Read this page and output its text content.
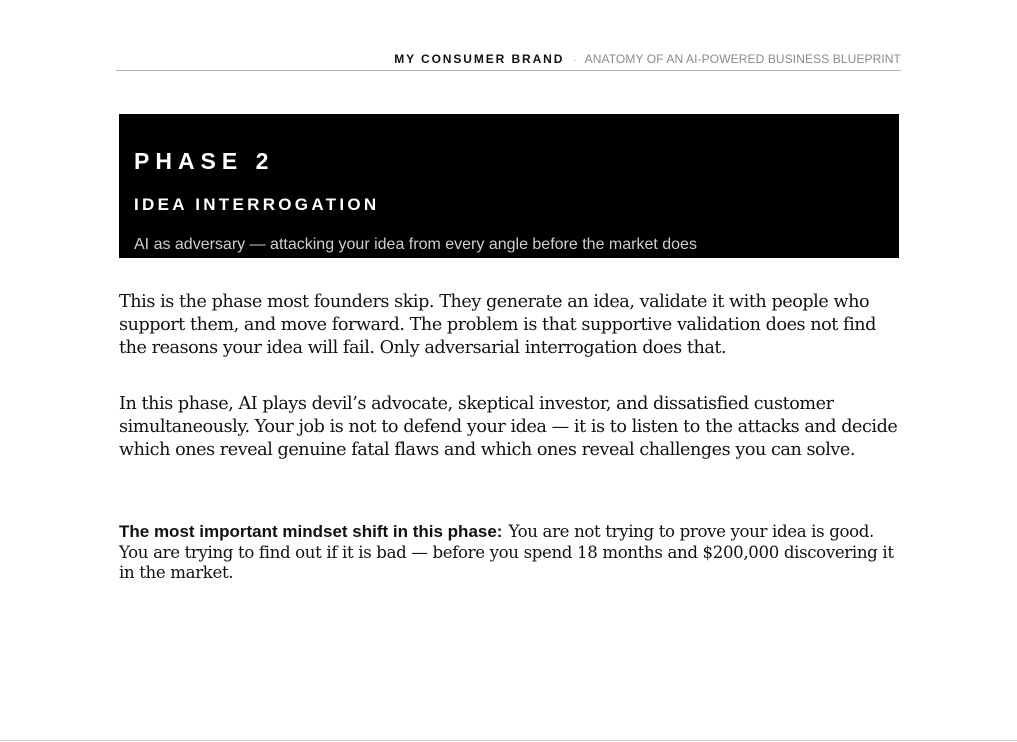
MY CONSUMER BRAND · ANATOMY OF AN AI-POWERED BUSINESS BLUEPRINT
PHASE 2
IDEA INTERROGATION
AI as adversary — attacking your idea from every angle before the market does

This is the phase most founders skip. They generate an idea, validate it with people who support them, and move forward. The problem is that supportive validation does not find the reasons your idea will fail. Only adversarial interrogation does that.

In this phase, AI plays devil’s advocate, skeptical investor, and dissatisfied customer simultaneously. Your job is not to defend your idea — it is to listen to the attacks and decide which ones reveal genuine fatal flaws and which ones reveal challenges you can solve.

The most important mindset shift in this phase: You are not trying to prove your idea is good. You are trying to find out if it is bad — before you spend 18 months and $200,000 discovering it in the market.
